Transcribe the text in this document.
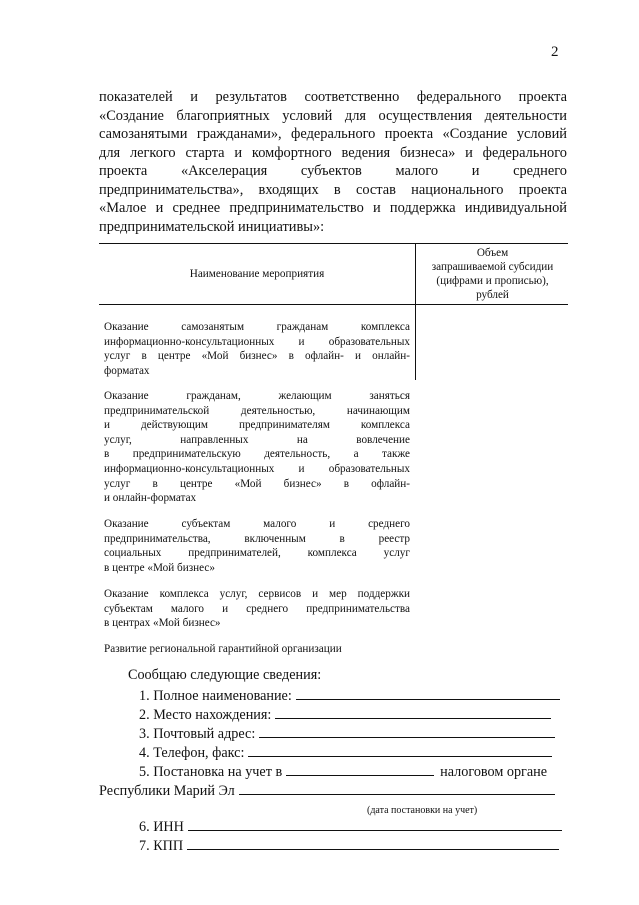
2
показателей и результатов соответственно федерального проекта
«Создание благоприятных условий для осуществления деятельности
самозанятыми гражданами», федерального проекта «Создание условий
для легкого старта и комфортного ведения бизнеса» и федерального
проекта «Акселерация субъектов малого и среднего
предпринимательства», входящих в состав национального проекта
«Малое и среднее предпринимательство и поддержка индивидуальной
предпринимательской инициативы»:
Наименование мероприятия
Объем
запрашиваемой субсидии
(цифрами и прописью),
рублей
Оказание самозанятым гражданам комплекса
информационно-консультационных и образовательных
услуг в центре «Мой бизнес» в офлайн- и онлайн-
форматах
Оказание гражданам, желающим заняться
предпринимательской деятельностью, начинающим
и действующим предпринимателям комплекса
услуг, направленных на вовлечение
в предпринимательскую деятельность, а также
информационно-консультационных и образовательных
услуг в центре «Мой бизнес» в офлайн-
и онлайн-форматах
Оказание субъектам малого и среднего
предпринимательства, включенным в реестр
социальных предпринимателей, комплекса услуг
в центре «Мой бизнес»
Оказание комплекса услуг, сервисов и мер поддержки
субъектам малого и среднего предпринимательства
в центрах «Мой бизнес»
Развитие региональной гарантийной организации
Сообщаю следующие сведения:
1. Полное наименование:
2. Место нахождения:
3. Почтовый адрес:
4. Телефон, факс:
5. Постановка на учет в	налоговом органе
Республики Марий Эл
(дата постановки на учет)
6. ИНН
7. КПП
